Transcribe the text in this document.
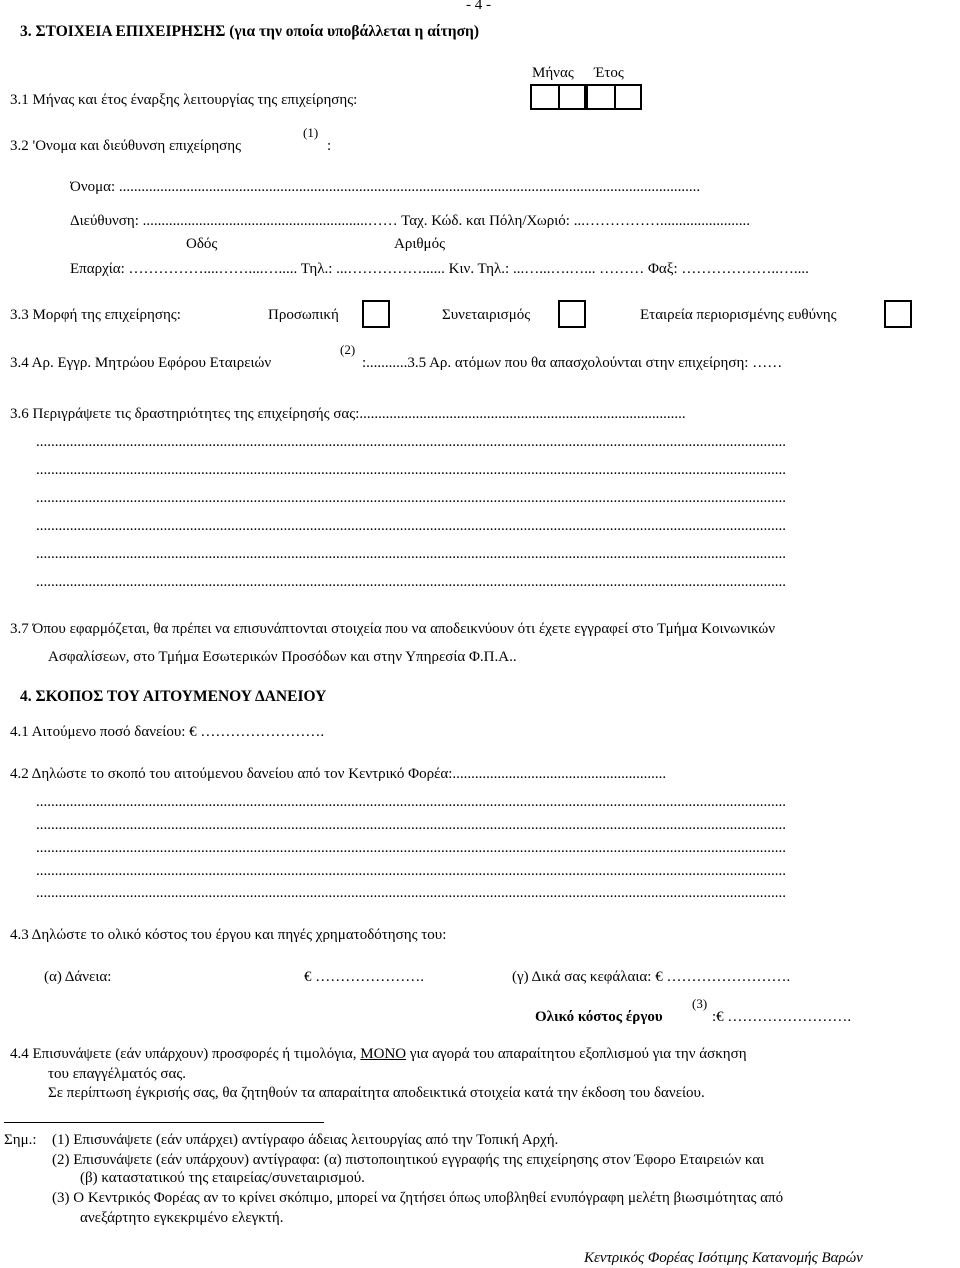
- 4 -
3. ΣΤΟΙΧΕΙΑ ΕΠΙΧΕΙΡΗΣΗΣ (για την οποία υποβάλλεται η αίτηση)
Μήνας Έτος
3.1 Μήνας και έτος έναρξης λειτουργίας της επιχείρησης:
3.2 'Ονομα και διεύθυνση επιχείρησης
(1)
:
Όνομα: ...........................................................................................................................................................
Διεύθυνση: ............................................................…… Ταχ. Κώδ. και Πόλη/Χωριό: ...……………........................
Οδός	Αριθμός
Επαρχία: ……………....……....…..... Τηλ.: ...……………...... Κιν. Τηλ.: ...…...….…... ……… Φαξ: ………………..…....
3.3 Μορφή της επιχείρησης:	Προσωπική	Συνεταιρισμός	Εταιρεία περιορισμένης ευθύνης
3.4 Αρ. Εγγρ. Μητρώου Εφόρου Εταιρειών
(2)
:...........3.5 Αρ. ατόμων που θα απασχολούνται στην επιχείρηση: ……
3.6 Περιγράψετε τις δραστηριότητες της επιχείρησής σας:.......................................................................................
........................................................................................................................................................................................................
........................................................................................................................................................................................................
........................................................................................................................................................................................................
........................................................................................................................................................................................................
........................................................................................................................................................................................................
........................................................................................................................................................................................................
3.7 Όπου εφαρμόζεται, θα πρέπει να επισυνάπτονται στοιχεία που να αποδεικνύουν ότι έχετε εγγραφεί στο Τμήμα Κοινωνικών
Ασφαλίσεων, στο Τμήμα Εσωτερικών Προσόδων και στην Υπηρεσία Φ.Π.Α..
4. ΣΚΟΠΟΣ ΤΟΥ ΑΙΤΟΥΜΕΝΟΥ ΔΑΝΕΙΟΥ
4.1 Αιτούμενο ποσό δανείου: € …………………….
4.2 Δηλώστε το σκοπό του αιτούμενου δανείου από τον Κεντρικό Φορέα:.........................................................
........................................................................................................................................................................................................
........................................................................................................................................................................................................
........................................................................................................................................................................................................
........................................................................................................................................................................................................
........................................................................................................................................................................................................
4.3 Δηλώστε το ολικό κόστος του έργου και πηγές χρηματοδότησης του:
(α) Δάνεια:	€ ………………….	(γ) Δικά σας κεφάλαια: € …………………….
Ολικό κόστος έργου
(3)
:€ …………………….
4.4 Επισυνάψετε (εάν υπάρχουν) προσφορές ή τιμολόγια, ΜΟΝΟ για αγορά του απαραίτητου εξοπλισμού για την άσκηση
του επαγγέλματός σας.
Σε περίπτωση έγκρισής σας, θα ζητηθούν τα απαραίτητα αποδεικτικά στοιχεία κατά την έκδοση του δανείου.
Σημ.: (1) Επισυνάψετε (εάν υπάρχει) αντίγραφο άδειας λειτουργίας από την Τοπική Αρχή.
(2) Επισυνάψετε (εάν υπάρχουν) αντίγραφα: (α) πιστοποιητικού εγγραφής της επιχείρησης στον Έφορο Εταιρειών και
(β) καταστατικού της εταιρείας/συνεταιρισμού.
(3) Ο Κεντρικός Φορέας αν το κρίνει σκόπιμο, μπορεί να ζητήσει όπως υποβληθεί ενυπόγραφη μελέτη βιωσιμότητας από
ανεξάρτητο εγκεκριμένο ελεγκτή.
Κεντρικός Φορέας Ισότιμης Κατανομής Βαρών
